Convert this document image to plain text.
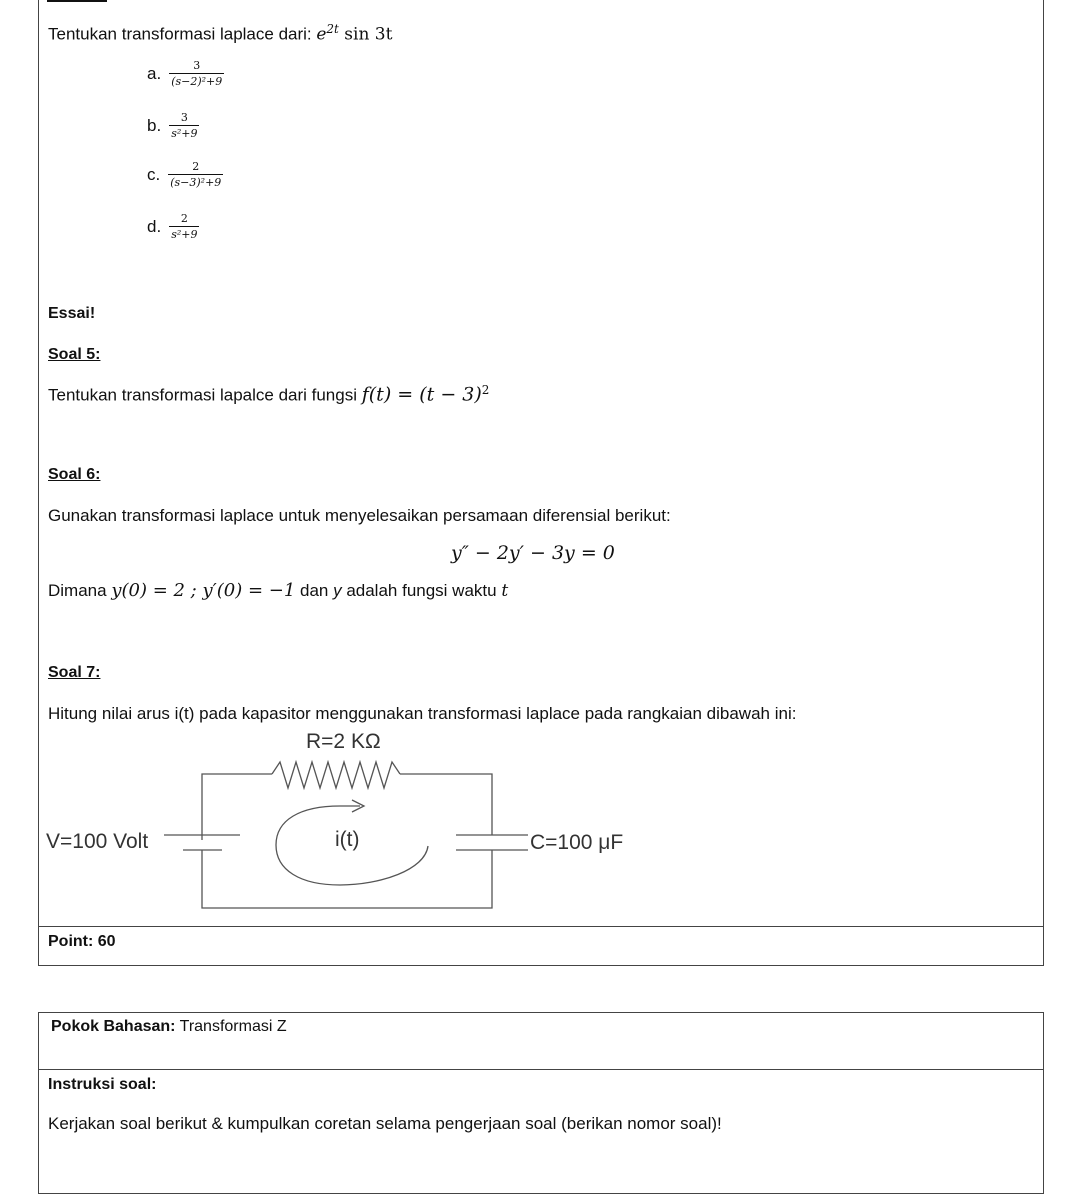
Tentukan transformasi laplace dari: $e^{2t}$ sin 3t
a. $\frac{3}{\text{(s−2)²+9}}$
b. $\frac{3}{\text{s²+9}}$
c. $\frac{2}{\text{(s−3)²+9}}$
d. $\frac{2}{\text{s²+9}}$
Essai!
Soal 5:
Tentukan transformasi lapalce dari fungsi $f(t) = (t - 3)^2$
Soal 6:
Gunakan transformasi laplace untuk menyelesaikan persamaan diferensial berikut:
y″ − 2y′ − 3y = 0
Dimana y(0) = 2 ; y′(0) = −1 dan y adalah fungsi waktu t
Soal 7:
Hitung nilai arus i(t) pada kapasitor menggunakan transformasi laplace pada rangkaian dibawah ini:
R=2 KΩ
V=100 Volt	i(t)	C=100 μF
Point: 60
Pokok Bahasan: Transformasi Z
Instruksi soal:
Kerjakan soal berikut & kumpulkan coretan selama pengerjaan soal (berikan nomor soal)!
